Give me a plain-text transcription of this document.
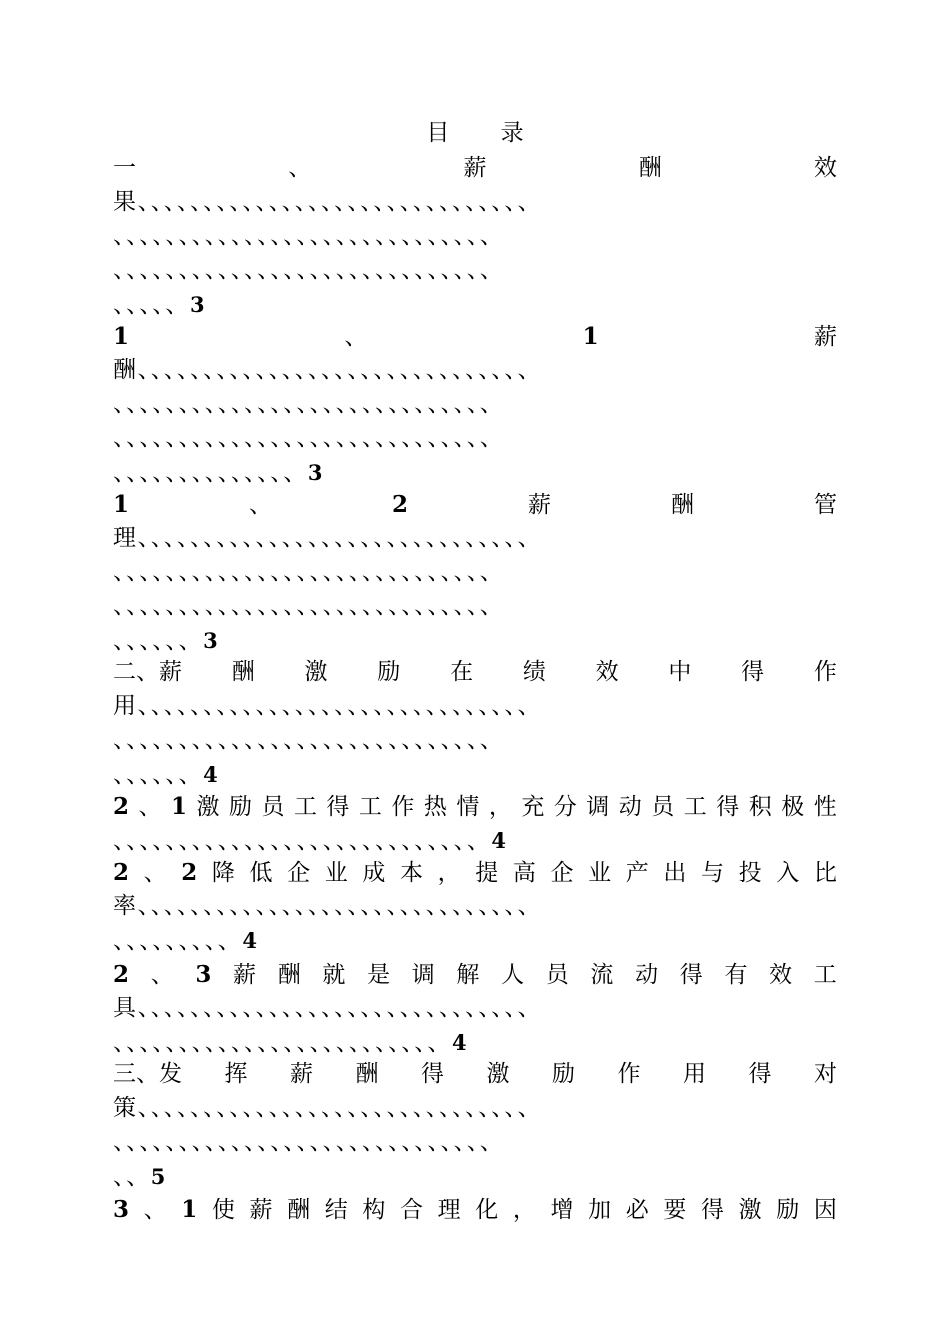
目 录
一	、	薪	酬	效
果、、、、、、、、、、、、、、、、、、、、、、、、、、、、、、
、、、、、、、、、、、、、、、、、、、、、、、、、、、、、
、、、、、、、、、、、、、、、、、、、、、、、、、、、、、
、、、、、3
1	、	1	薪
酬、、、、、、、、、、、、、、、、、、、、、、、、、、、、、、
、、、、、、、、、、、、、、、、、、、、、、、、、、、、、
、、、、、、、、、、、、、、、、、、、、、、、、、、、、、
、、、、、、、、、、、、、、3
1	、	2	薪	酬	管
理、、、、、、、、、、、、、、、、、、、、、、、、、、、、、、
、、、、、、、、、、、、、、、、、、、、、、、、、、、、、
、、、、、、、、、、、、、、、、、、、、、、、、、、、、、
、、、、、、3
二、薪 酬 激 励 在 绩 效 中 得 作
用、、、、、、、、、、、、、、、、、、、、、、、、、、、、、、
、、、、、、、、、、、、、、、、、、、、、、、、、、、、、
、、、、、、4
2 、 1 激 励 员 工 得 工 作 热 情 ， 充 分 调 动 员 工 得 积 极 性
、、、、、、、、、、、、、、、、、、、、、、、、、、、、4
2 、 2 降 低 企 业 成 本 ， 提 高 企 业 产 出 与 投 入 比
率、、、、、、、、、、、、、、、、、、、、、、、、、、、、、、
、、、、、、、、、4
2 、 3 薪 酬 就 是 调 解 人 员 流 动 得 有 效 工
具、、、、、、、、、、、、、、、、、、、、、、、、、、、、、、
、、、、、、、、、、、、、、、、、、、、、、、、、4
三、发 挥 薪 酬 得 激 励 作 用 得 对
策、、、、、、、、、、、、、、、、、、、、、、、、、、、、、、
、、、、、、、、、、、、、、、、、、、、、、、、、、、、、
、、5
3 、 1 使 薪 酬 结 构 合 理 化 ， 增 加 必 要 得 激 励 因
